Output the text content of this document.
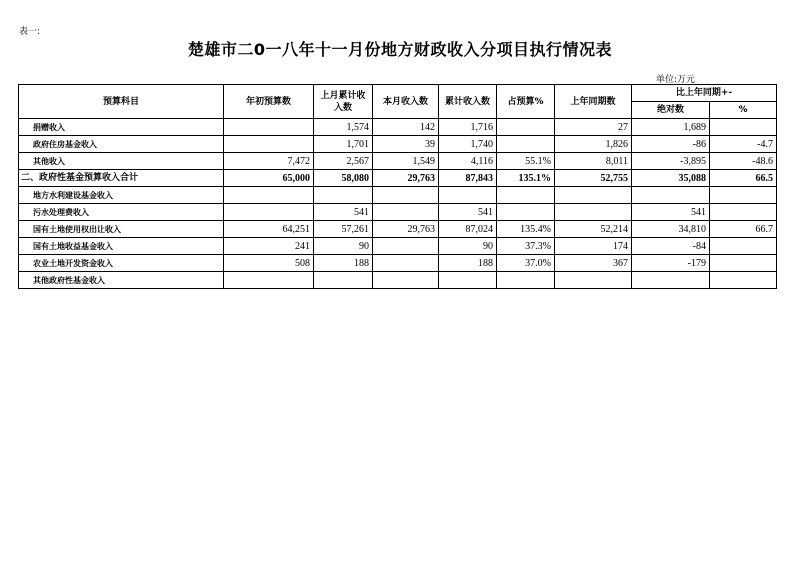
表一:
楚雄市二0一八年十一月份地方财政收入分项目执行情况表
单位:万元
预算科目	年初预算数	上月累计收入数	本月收入数	累计收入数	占预算%	上年同期数	比上年同期+-	
							绝对数	%
捐赠收入		1,574	142	1,716		27	1,689	
政府住房基金收入		1,701	39	1,740		1,826	-86	-4.7
其他收入	7,472	2,567	1,549	4,116	55.1%	8,011	-3,895	-48.6
二、政府性基金预算收入合计	65,000	58,080	29,763	87,843	135.1%	52,755	35,088	66.5
地方水利建设基金收入								
污水处理费收入		541		541			541	
国有土地使用权出让收入	64,251	57,261	29,763	87,024	135.4%	52,214	34,810	66.7
国有土地收益基金收入	241	90		90	37.3%	174	-84	
农业土地开发资金收入	508	188		188	37.0%	367	-179	
其他政府性基金收入								
